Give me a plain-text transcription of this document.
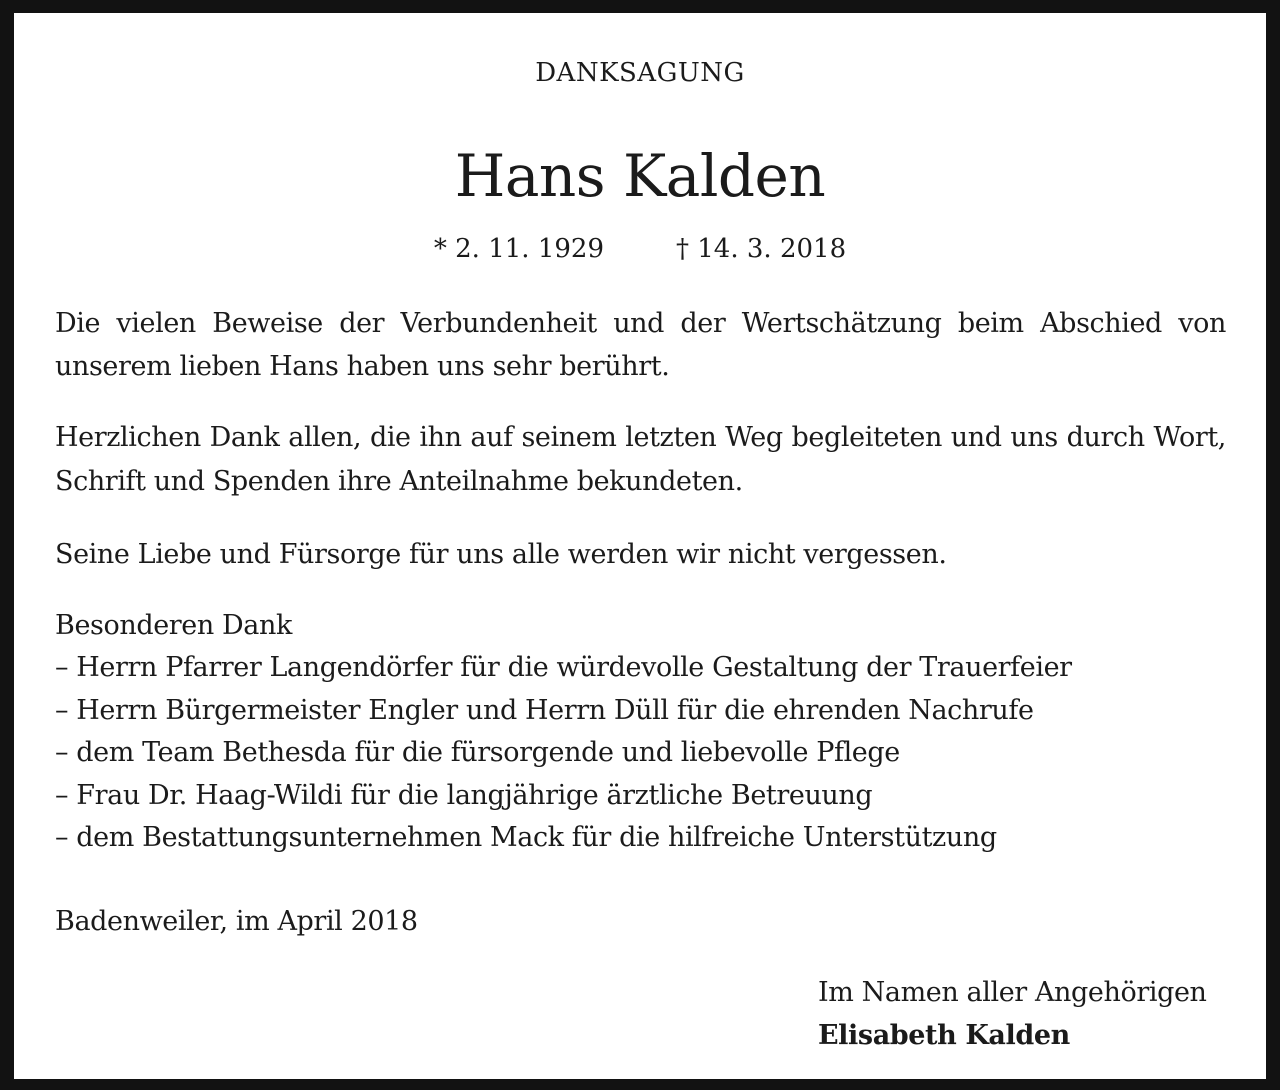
DANKSAGUNG
Hans Kalden
* 2. 11. 1929	† 14. 3. 2018
Die vielen Beweise der Verbundenheit und der Wertschätzung beim Abschied von
unserem lieben Hans haben uns sehr berührt.
Herzlichen Dank allen, die ihn auf seinem letzten Weg begleiteten und uns durch Wort,
Schrift und Spenden ihre Anteilnahme bekundeten.
Seine Liebe und Fürsorge für uns alle werden wir nicht vergessen.
Besonderen Dank
– Herrn Pfarrer Langendörfer für die würdevolle Gestaltung der Trauerfeier
– Herrn Bürgermeister Engler und Herrn Düll für die ehrenden Nachrufe
– dem Team Bethesda für die fürsorgende und liebevolle Pflege
– Frau Dr. Haag-Wildi für die langjährige ärztliche Betreuung
– dem Bestattungsunternehmen Mack für die hilfreiche Unterstützung
Badenweiler, im April 2018
Im Namen aller Angehörigen
Elisabeth Kalden
